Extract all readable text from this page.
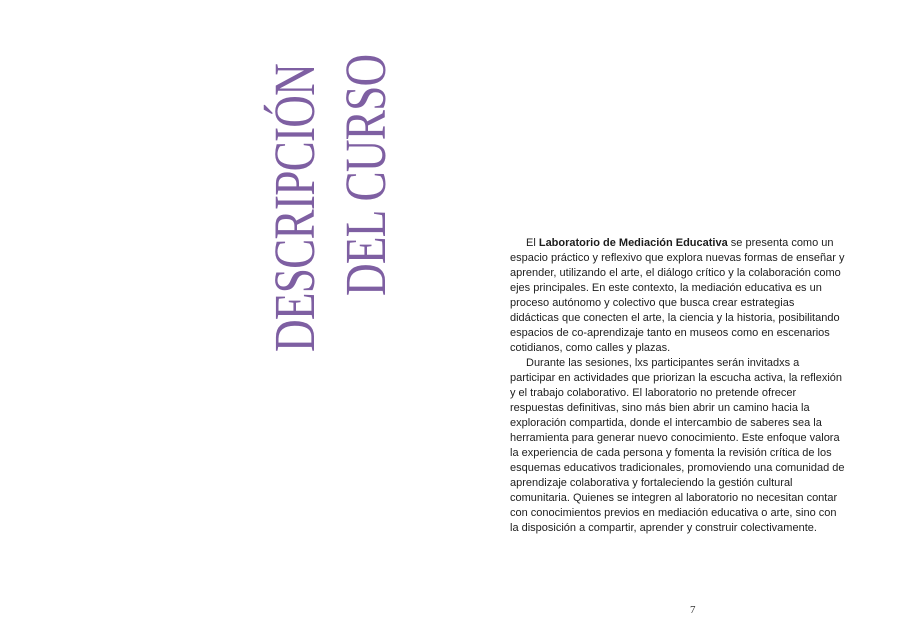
DESCRIPCIÓN DEL CURSO	El Laboratorio de Mediación Educativa se presenta como un espacio práctico y reflexivo que explora nuevas formas de enseñar y aprender, utilizando el arte, el diálogo crítico y la colaboración como ejes principales. En este contexto, la mediación educativa es un proceso autónomo y colectivo que busca crear estrategias didácticas que conecten el arte, la ciencia y la historia, posibilitando espacios de co-aprendizaje tanto en museos como en escenarios cotidianos, como calles y plazas.

Durante las sesiones, lxs participantes serán invitadxs a participar en actividades que priorizan la escucha activa, la reflexión y el trabajo colaborativo. El laboratorio no pretende ofrecer respuestas definitivas, sino más bien abrir un camino hacia la exploración compartida, donde el intercambio de saberes sea la herramienta para generar nuevo conocimiento. Este enfoque valora la experiencia de cada persona y fomenta la revisión crítica de los esquemas educativos tradicionales, promoviendo una comunidad de aprendizaje colaborativa y fortaleciendo la gestión cultural comunitaria. Quienes se integren al laboratorio no necesitan contar con conocimientos previos en mediación educativa o arte, sino con la disposición a compartir, aprender y construir colectivamente.

7
